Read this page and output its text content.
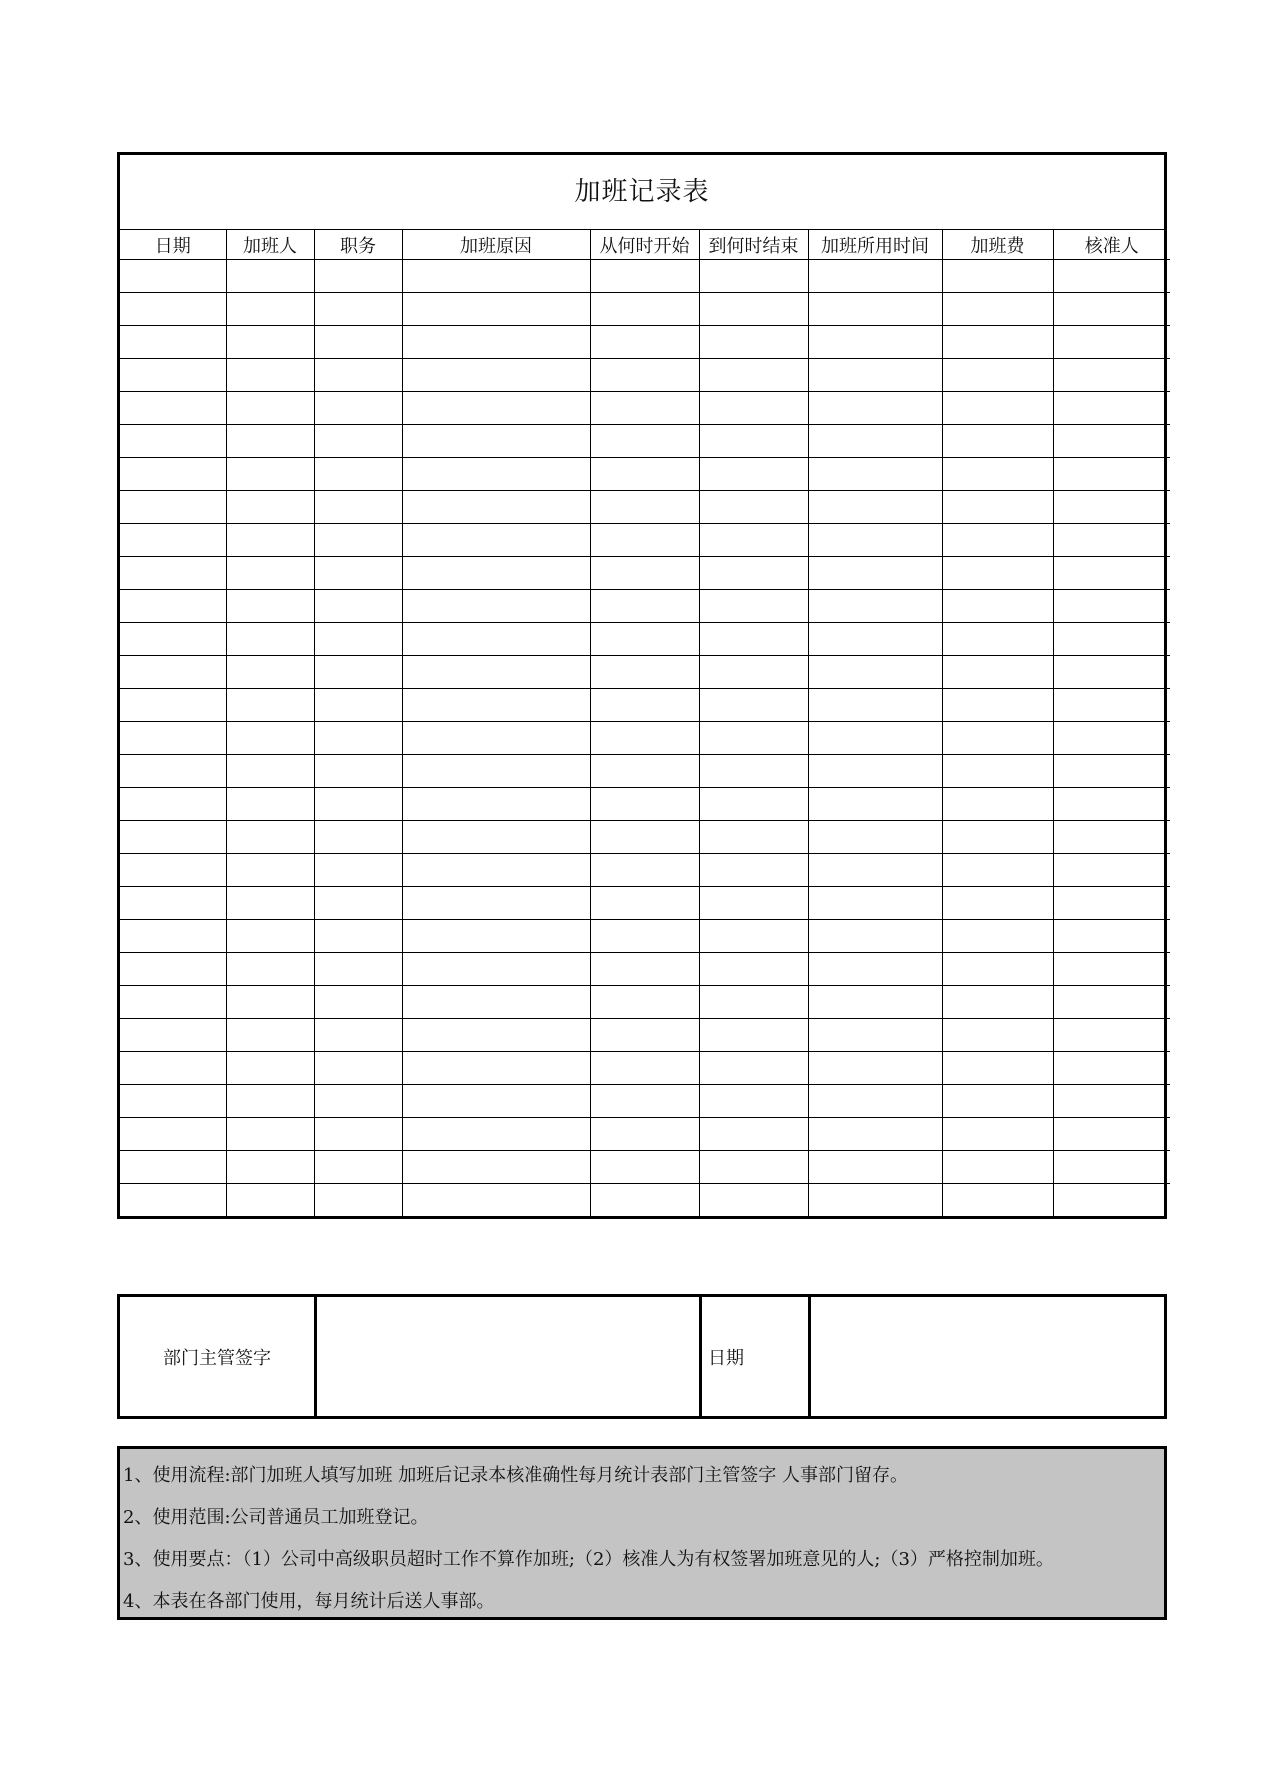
加班记录表
日期	加班人	职务	加班原因	从何时开始	到何时结束	加班所用时间	加班费	核准人

部门主管签字	日期
1、使用流程:部门加班人填写加班 加班后记录本核准确性每月统计表部门主管签字 人事部门留存。
2、使用范围:公司普通员工加班登记。
3、使用要点：（1）公司中高级职员超时工作不算作加班;（2）核准人为有权签署加班意见的人;（3）严格控制加班。
4、本表在各部门使用，每月统计后送人事部。
